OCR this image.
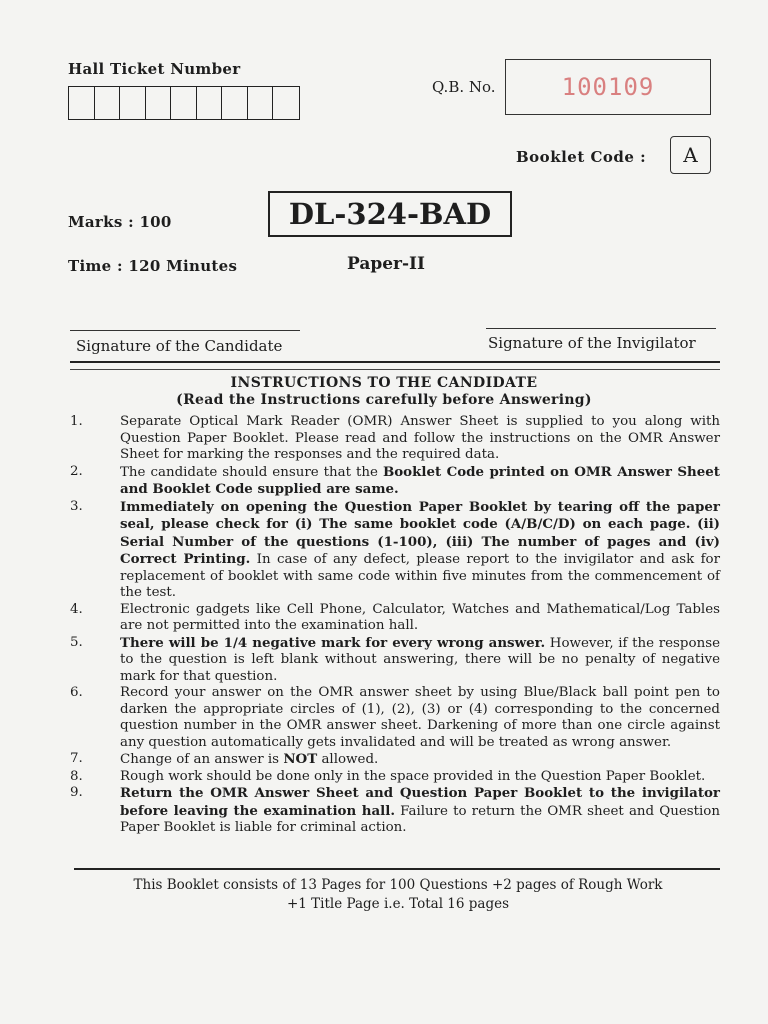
Hall Ticket Number
Q.B. No.	100109
Booklet Code : A
DL-324-BAD
Marks : 100
Time : 120 Minutes	Paper-II
Signature of the Candidate	Signature of the Invigilator
INSTRUCTIONS TO THE CANDIDATE
(Read the Instructions carefully before Answering)
1.	Separate Optical Mark Reader (OMR) Answer Sheet is supplied to you along with Question Paper Booklet. Please read and follow the instructions on the OMR Answer Sheet for marking the responses and the required data.
2.	The candidate should ensure that the Booklet Code printed on OMR Answer Sheet and Booklet Code supplied are same.
3.	Immediately on opening the Question Paper Booklet by tearing off the paper seal, please check for (i) The same booklet code (A/B/C/D) on each page. (ii) Serial Number of the questions (1-100), (iii) The number of pages and (iv) Correct Printing. In case of any defect, please report to the invigilator and ask for replacement of booklet with same code within five minutes from the commencement of the test.
4.	Electronic gadgets like Cell Phone, Calculator, Watches and Mathematical/Log Tables are not permitted into the examination hall.
5.	There will be 1/4 negative mark for every wrong answer. However, if the response to the question is left blank without answering, there will be no penalty of negative mark for that question.
6.	Record your answer on the OMR answer sheet by using Blue/Black ball point pen to darken the appropriate circles of (1), (2), (3) or (4) corresponding to the concerned question number in the OMR answer sheet. Darkening of more than one circle against any question automatically gets invalidated and will be treated as wrong answer.
7.	Change of an answer is NOT allowed.
8.	Rough work should be done only in the space provided in the Question Paper Booklet.
9.	Return the OMR Answer Sheet and Question Paper Booklet to the invigilator before leaving the examination hall. Failure to return the OMR sheet and Question Paper Booklet is liable for criminal action.
This Booklet consists of 13 Pages for 100 Questions +2 pages of Rough Work
+1 Title Page i.e. Total 16 pages
